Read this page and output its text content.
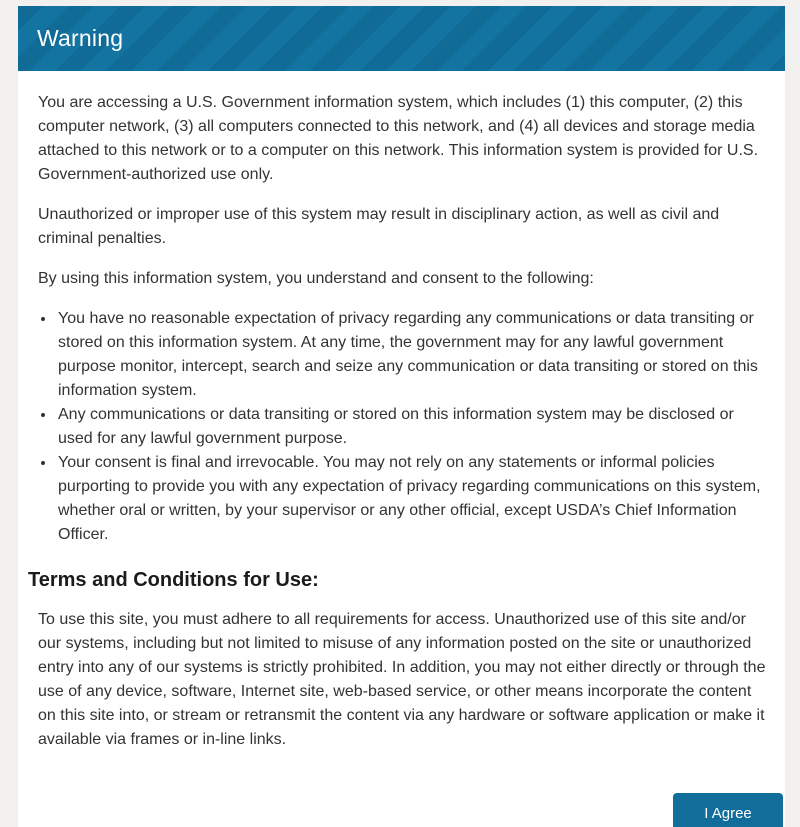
Warning

You are accessing a U.S. Government information system, which includes (1) this computer, (2) this computer network, (3) all computers connected to this network, and (4) all devices and storage media attached to this network or to a computer on this network. This information system is provided for U.S. Government-authorized use only.

Unauthorized or improper use of this system may result in disciplinary action, as well as civil and criminal penalties.

By using this information system, you understand and consent to the following:

• You have no reasonable expectation of privacy regarding any communications or data transiting or stored on this information system. At any time, the government may for any lawful government purpose monitor, intercept, search and seize any communication or data transiting or stored on this information system.
• Any communications or data transiting or stored on this information system may be disclosed or used for any lawful government purpose.
• Your consent is final and irrevocable. You may not rely on any statements or informal policies purporting to provide you with any expectation of privacy regarding communications on this system, whether oral or written, by your supervisor or any other official, except USDA’s Chief Information Officer.
Terms and Conditions for Use:

To use this site, you must adhere to all requirements for access. Unauthorized use of this site and/or our systems, including but not limited to misuse of any information posted on the site or unauthorized entry into any of our systems is strictly prohibited. In addition, you may not either directly or through the use of any device, software, Internet site, web-based service, or other means incorporate the content on this site into, or stream or retransmit the content via any hardware or software application or make it available via frames or in-line links.

I Agree
